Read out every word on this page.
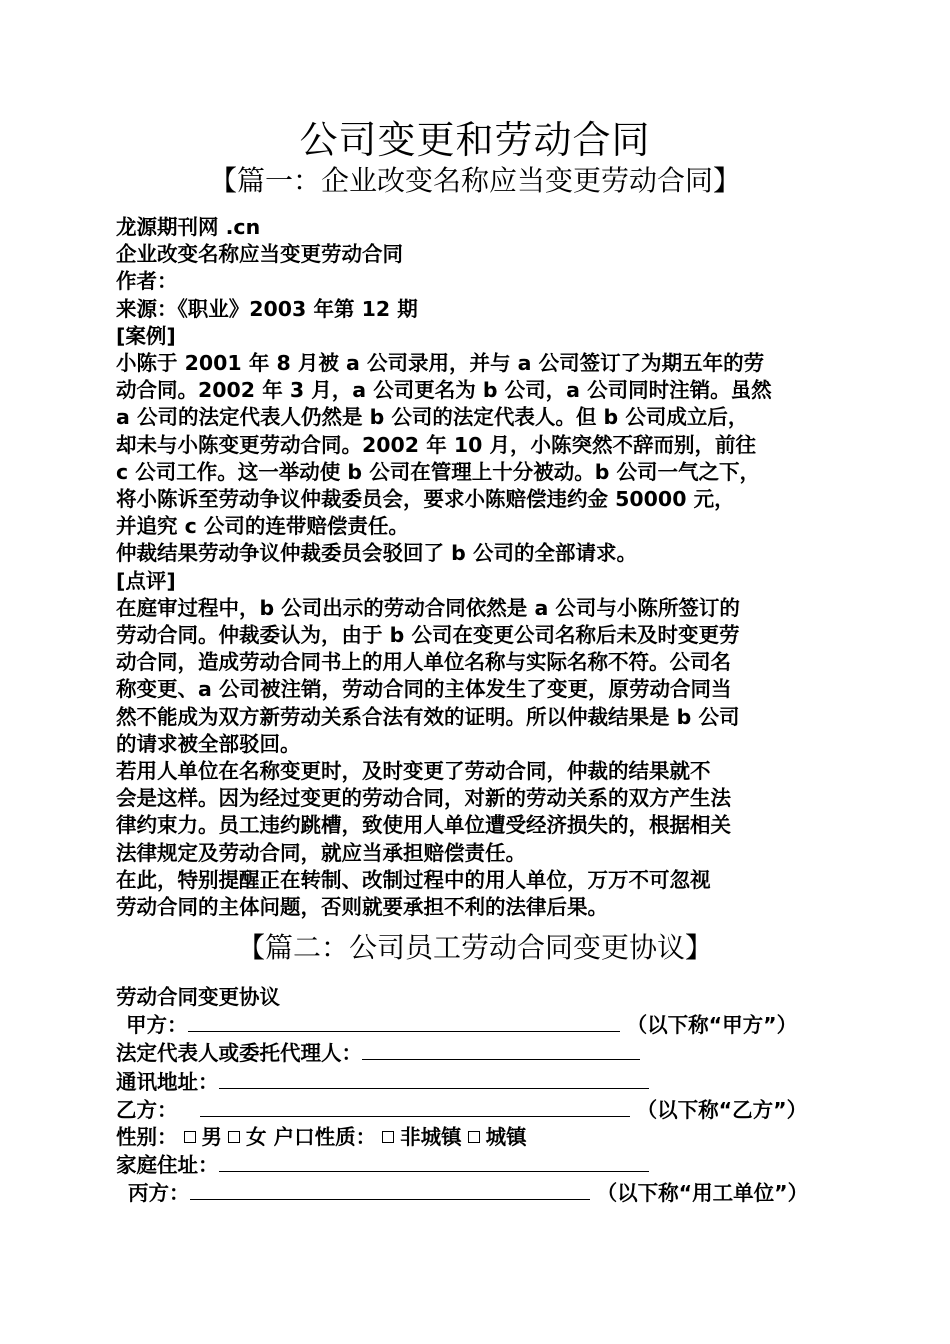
公司变更和劳动合同
【篇一：企业改变名称应当变更劳动合同】

龙源期刊网 .cn

企业改变名称应当变更劳动合同

作者：

来源：《职业》2003 年第 12 期

[案例]

小陈于 2001 年 8 月被 a 公司录用，并与 a 公司签订了为期五年的劳

动合同。2002 年 3 月，a 公司更名为 b 公司，a 公司同时注销。虽然

a 公司的法定代表人仍然是 b 公司的法定代表人。但 b 公司成立后，

却未与小陈变更劳动合同。2002 年 10 月，小陈突然不辞而别，前往

c 公司工作。这一举动使 b 公司在管理上十分被动。b 公司一气之下，

将小陈诉至劳动争议仲裁委员会，要求小陈赔偿违约金 50000 元，

并追究 c 公司的连带赔偿责任。

仲裁结果劳动争议仲裁委员会驳回了 b 公司的全部请求。

[点评]

在庭审过程中，b 公司出示的劳动合同依然是 a 公司与小陈所签订的

劳动合同。仲裁委认为，由于 b 公司在变更公司名称后未及时变更劳

动合同，造成劳动合同书上的用人单位名称与实际名称不符。公司名

称变更、a 公司被注销，劳动合同的主体发生了变更，原劳动合同当

然不能成为双方新劳动关系合法有效的证明。所以仲裁结果是 b 公司

的请求被全部驳回。

若用人单位在名称变更时，及时变更了劳动合同，仲裁的结果就不

会是这样。因为经过变更的劳动合同，对新的劳动关系的双方产生法

律约束力。员工违约跳槽，致使用人单位遭受经济损失的，根据相关

法律规定及劳动合同，就应当承担赔偿责任。

在此，特别提醒正在转制、改制过程中的用人单位，万万不可忽视

劳动合同的主体问题，否则就要承担不利的法律后果。

【篇二：公司员工劳动合同变更协议】

劳动合同变更协议

甲方：	（以下称“甲方”）

法定代表人或委托代理人：

通讯地址：

乙方：	（以下称“乙方”）

性别： 男 女 户口性质： 非城镇 城镇

家庭住址：

丙方：	（以下称“用工单位”）
